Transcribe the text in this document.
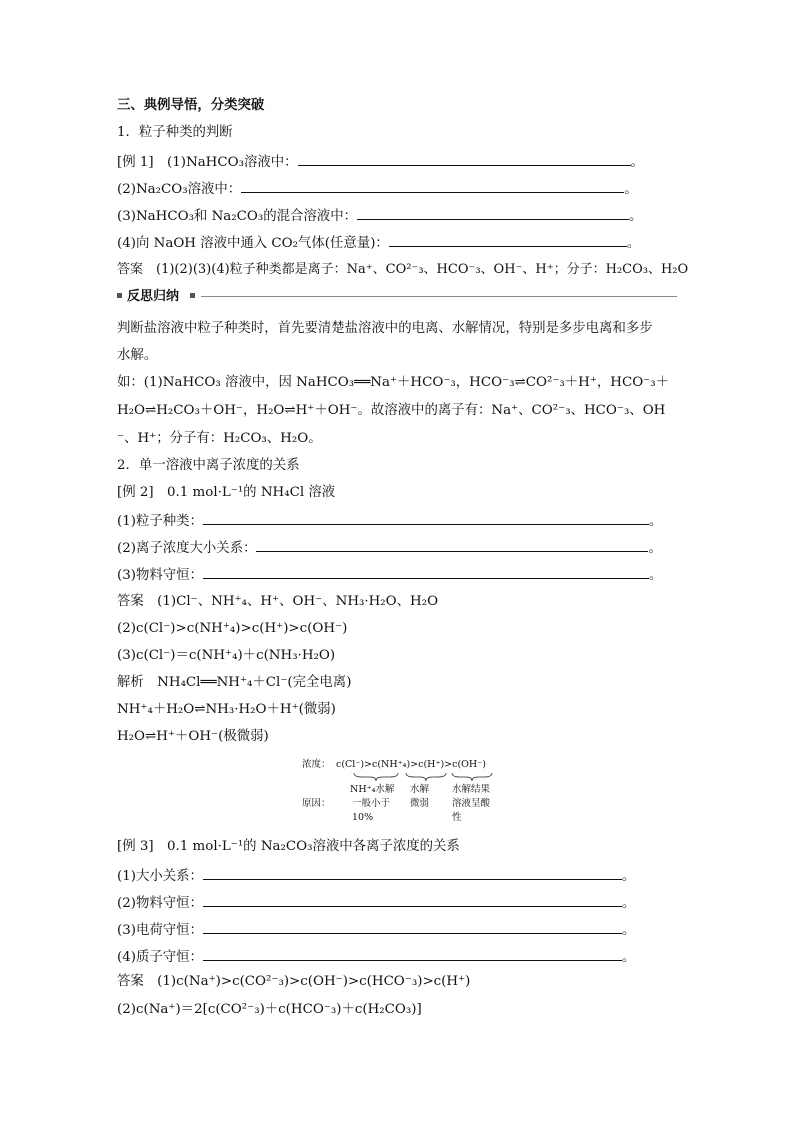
三、典例导悟，分类突破
1．粒子种类的判断
[例 1]　(1)NaHCO₃溶液中：	。
(2)Na₂CO₃溶液中：	。
(3)NaHCO₃和 Na₂CO₃的混合溶液中：	。
(4)向 NaOH 溶液中通入 CO₂气体(任意量)：	。
答案　(1)(2)(3)(4)粒子种类都是离子：Na⁺、CO²⁻₃、HCO⁻₃、OH⁻、H⁺；分子：H₂CO₃、H₂O
反思归纳
判断盐溶液中粒子种类时，首先要清楚盐溶液中的电离、水解情况，特别是多步电离和多步
水解。
如：(1)NaHCO₃ 溶液中，因 NaHCO₃══Na⁺＋HCO⁻₃，HCO⁻₃⇌CO²⁻₃＋H⁺，HCO⁻₃＋
H₂O⇌H₂CO₃＋OH⁻，H₂O⇌H⁺＋OH⁻。故溶液中的离子有：Na⁺、CO²⁻₃、HCO⁻₃、OH
⁻、H⁺；分子有：H₂CO₃、H₂O。
2．单一溶液中离子浓度的关系
[例 2]　0.1 mol·L⁻¹的 NH₄Cl 溶液
(1)粒子种类：	。
(2)离子浓度大小关系：	。
(3)物料守恒：	。
答案　(1)Cl⁻、NH⁺₄、H⁺、OH⁻、NH₃·H₂O、H₂O
(2)c(Cl⁻)>c(NH⁺₄)>c(H⁺)>c(OH⁻)
(3)c(Cl⁻)＝c(NH⁺₄)＋c(NH₃·H₂O)
解析　NH₄Cl══NH⁺₄＋Cl⁻(完全电离)
NH⁺₄＋H₂O⇌NH₃·H₂O＋H⁺(微弱)
H₂O⇌H⁺＋OH⁻(极微弱)
浓度： c(Cl⁻)>c(NH⁺₄)>c(H⁺)>c(OH⁻)
NH⁺₄水解
原因： 一般小于
10%
水解
微弱
水解结果
溶液呈酸
性
[例 3]　0.1 mol·L⁻¹的 Na₂CO₃溶液中各离子浓度的关系
(1)大小关系：	。
(2)物料守恒：	。
(3)电荷守恒：	。
(4)质子守恒：	。
答案　(1)c(Na⁺)>c(CO²⁻₃)>c(OH⁻)>c(HCO⁻₃)>c(H⁺)
(2)c(Na⁺)＝2[c(CO²⁻₃)＋c(HCO⁻₃)＋c(H₂CO₃)]
